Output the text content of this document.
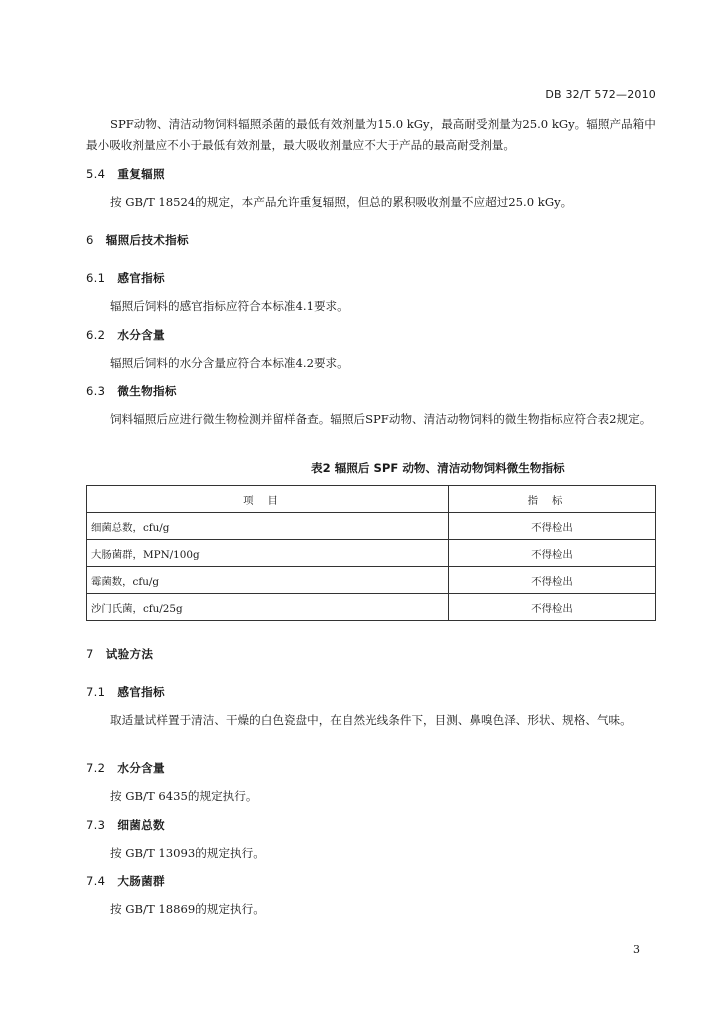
DB 32/T 572—2010
SPF动物、清洁动物饲料辐照杀菌的最低有效剂量为15.0 kGy，最高耐受剂量为25.0 kGy。辐照产品箱中最小吸收剂量应不小于最低有效剂量，最大吸收剂量应不大于产品的最高耐受剂量。
5.4 重复辐照
按 GB/T 18524的规定，本产品允许重复辐照，但总的累积吸收剂量不应超过25.0 kGy。
6 辐照后技术指标
6.1 感官指标
辐照后饲料的感官指标应符合本标准4.1要求。
6.2 水分含量
辐照后饲料的水分含量应符合本标准4.2要求。
6.3 微生物指标
饲料辐照后应进行微生物检测并留样备查。辐照后SPF动物、清洁动物饲料的微生物指标应符合表2规定。
表2 辐照后 SPF 动物、清洁动物饲料微生物指标
项目	指标
细菌总数，cfu/g	不得检出
大肠菌群，MPN/100g	不得检出
霉菌数，cfu/g	不得检出
沙门氏菌，cfu/25g	不得检出
7 试验方法
7.1 感官指标
取适量试样置于清洁、干燥的白色瓷盘中，在自然光线条件下，目测、鼻嗅色泽、形状、规格、气味。
7.2 水分含量
按 GB/T 6435的规定执行。
7.3 细菌总数
按 GB/T 13093的规定执行。
7.4 大肠菌群
按 GB/T 18869的规定执行。
3
